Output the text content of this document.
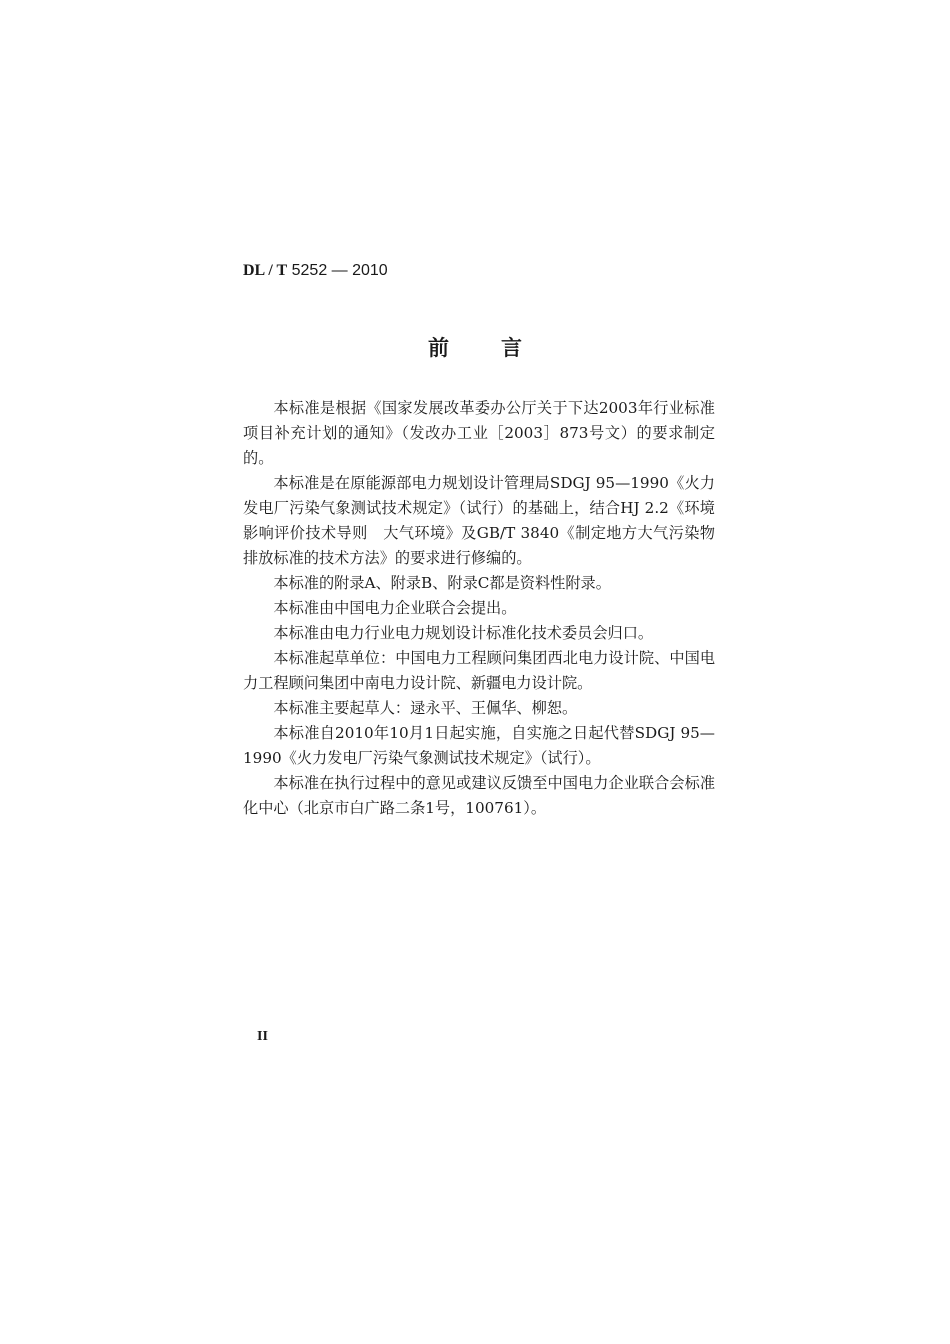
DL / T 5252 — 2010
前言

本标准是根据《国家发展改革委办公厅关于下达2003年行业标准项目补充计划的通知》（发改办工业［2003］873号文）的要求制定的。

本标准是在原能源部电力规划设计管理局SDGJ 95—1990《火力发电厂污染气象测试技术规定》（试行）的基础上，结合HJ 2.2《环境影响评价技术导则　大气环境》及GB/T 3840《制定地方大气污染物排放标准的技术方法》的要求进行修编的。

本标准的附录A、附录B、附录C都是资料性附录。

本标准由中国电力企业联合会提出。

本标准由电力行业电力规划设计标准化技术委员会归口。

本标准起草单位：中国电力工程顾问集团西北电力设计院、中国电力工程顾问集团中南电力设计院、新疆电力设计院。

本标准主要起草人：逯永平、王佩华、柳恕。

本标准自2010年10月1日起实施，自实施之日起代替SDGJ 95—1990《火力发电厂污染气象测试技术规定》（试行）。

本标准在执行过程中的意见或建议反馈至中国电力企业联合会标准化中心（北京市白广路二条1号，100761）。

II
